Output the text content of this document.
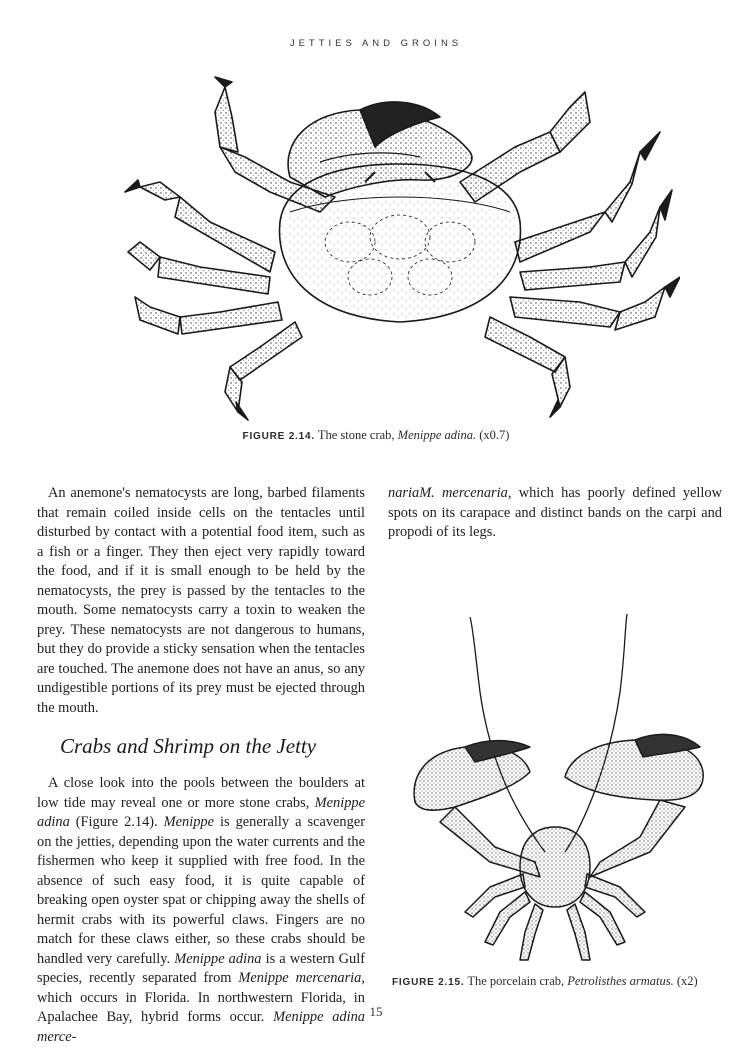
JETTIES AND GROINS
FIGURE 2.14. The stone crab, Menippe adina. (x0.7)

An anemone's nematocysts are long, barbed filaments that remain coiled inside cells on the tentacles until disturbed by contact with a potential food item, such as a fish or a finger. They then eject very rapidly toward the food, and if it is small enough to be held by the nematocysts, the prey is passed by the tentacles to the mouth. Some nematocysts carry a toxin to weaken the prey. These nematocysts are not dangerous to humans, but they do provide a sticky sensation when the tentacles are touched. The anemone does not have an anus, so any undigestible portions of its prey must be ejected through the mouth.

Crabs and Shrimp on the Jetty

A close look into the pools between the boulders at low tide may reveal one or more stone crabs, Menippe adina (Figure 2.14). Menippe is generally a scavenger on the jetties, depending upon the water currents and the fishermen who keep it supplied with free food. In the absence of such easy food, it is quite capable of breaking open oyster spat or chipping away the shells of hermit crabs with its powerful claws. Fingers are no match for these claws either, so these crabs should be handled very carefully. Menippe adina is a western Gulf species, recently separated from Menippe mercenaria, which occurs in Florida. In northwestern Florida, in Apalachee Bay, hybrid forms occur. Menippe adina merce-

nariaM. mercenaria, which has poorly defined yellow spots on its carapace and distinct bands on the carpi and propodi of its legs.

FIGURE 2.15. The porcelain crab, Petrolisthes armatus. (x2)
15
